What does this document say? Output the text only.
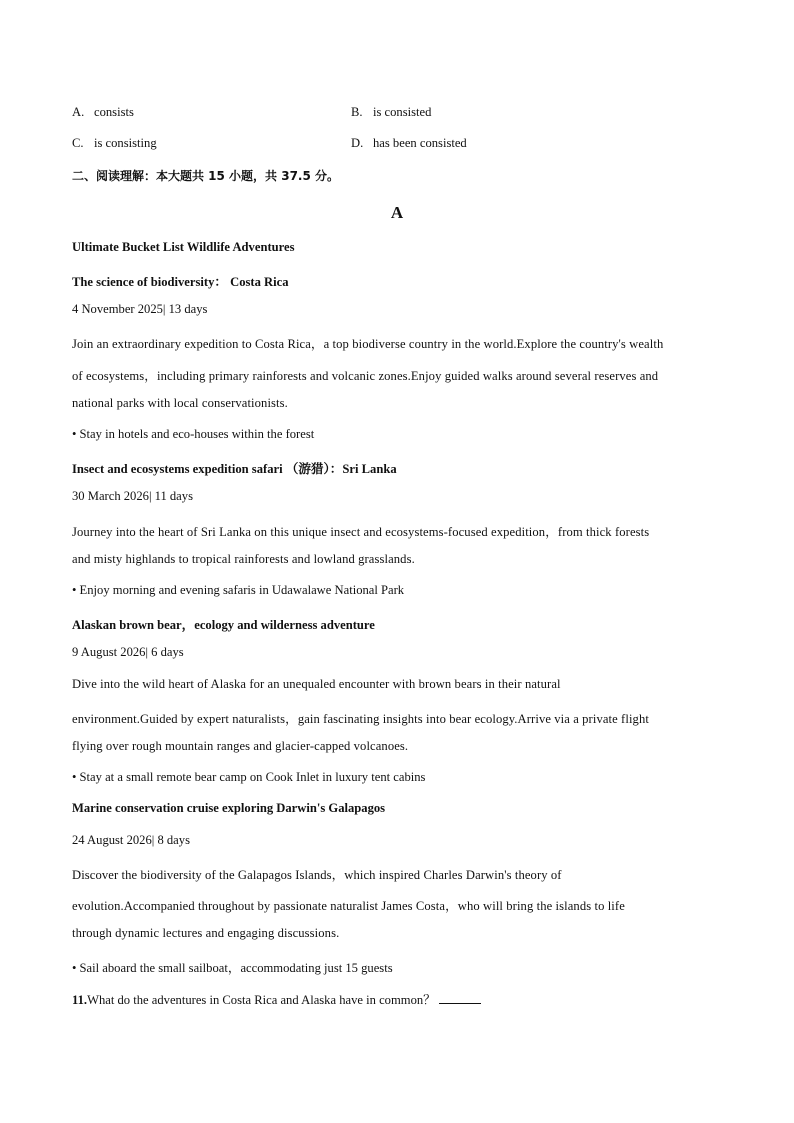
A. consists	B. is consisted
C. is consisting	D. has been consisted
二、阅读理解：本大题共 15 小题，共 37.5 分。
A
Ultimate Bucket List Wildlife Adventures
The science of biodiversity： Costa Rica
4 November 2025| 13 days
Join an extraordinary expedition to Costa Rica，a top biodiverse country in the world.Explore the country's wealth
of ecosystems，including primary rainforests and volcanic zones.Enjoy guided walks around several reserves and
national parks with local conservationists.
• Stay in hotels and eco-houses within the forest
Insect and ecosystems expedition safari （游猎）：Sri Lanka
30 March 2026| 11 days
Journey into the heart of Sri Lanka on this unique insect and ecosystems-focused expedition，from thick forests
and misty highlands to tropical rainforests and lowland grasslands.
• Enjoy morning and evening safaris in Udawalawe National Park
Alaskan brown bear，ecology and wilderness adventure
9 August 2026| 6 days
Dive into the wild heart of Alaska for an unequaled encounter with brown bears in their natural
environment.Guided by expert naturalists，gain fascinating insights into bear ecology.Arrive via a private flight
flying over rough mountain ranges and glacier-capped volcanoes.
• Stay at a small remote bear camp on Cook Inlet in luxury tent cabins
Marine conservation cruise exploring Darwin's Galapagos
24 August 2026| 8 days
Discover the biodiversity of the Galapagos Islands，which inspired Charles Darwin's theory of
evolution.Accompanied throughout by passionate naturalist James Costa，who will bring the islands to life
through dynamic lectures and engaging discussions.
• Sail aboard the small sailboat，accommodating just 15 guests
11.What do the adventures in Costa Rica and Alaska have in common？
